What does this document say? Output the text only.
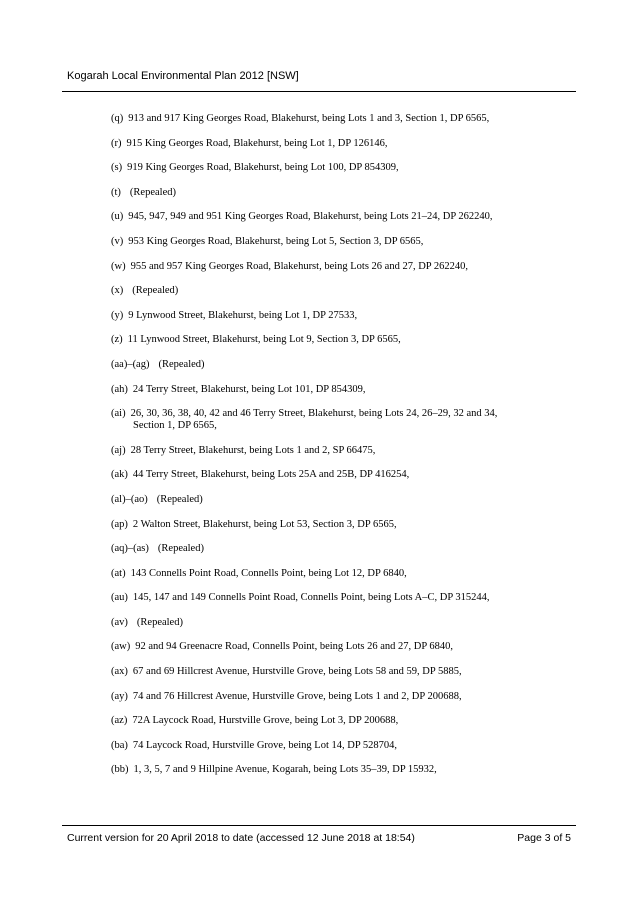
Kogarah Local Environmental Plan 2012 [NSW]
(q) 913 and 917 King Georges Road, Blakehurst, being Lots 1 and 3, Section 1, DP 6565,
(r) 915 King Georges Road, Blakehurst, being Lot 1, DP 126146,
(s) 919 King Georges Road, Blakehurst, being Lot 100, DP 854309,
(t) (Repealed)
(u) 945, 947, 949 and 951 King Georges Road, Blakehurst, being Lots 21–24, DP 262240,
(v) 953 King Georges Road, Blakehurst, being Lot 5, Section 3, DP 6565,
(w) 955 and 957 King Georges Road, Blakehurst, being Lots 26 and 27, DP 262240,
(x) (Repealed)
(y) 9 Lynwood Street, Blakehurst, being Lot 1, DP 27533,
(z) 11 Lynwood Street, Blakehurst, being Lot 9, Section 3, DP 6565,
(aa)–(ag) (Repealed)
(ah) 24 Terry Street, Blakehurst, being Lot 101, DP 854309,
(ai) 26, 30, 36, 38, 40, 42 and 46 Terry Street, Blakehurst, being Lots 24, 26–29, 32 and 34,
Section 1, DP 6565,
(aj) 28 Terry Street, Blakehurst, being Lots 1 and 2, SP 66475,
(ak) 44 Terry Street, Blakehurst, being Lots 25A and 25B, DP 416254,
(al)–(ao) (Repealed)
(ap) 2 Walton Street, Blakehurst, being Lot 53, Section 3, DP 6565,
(aq)–(as) (Repealed)
(at) 143 Connells Point Road, Connells Point, being Lot 12, DP 6840,
(au) 145, 147 and 149 Connells Point Road, Connells Point, being Lots A–C, DP 315244,
(av) (Repealed)
(aw) 92 and 94 Greenacre Road, Connells Point, being Lots 26 and 27, DP 6840,
(ax) 67 and 69 Hillcrest Avenue, Hurstville Grove, being Lots 58 and 59, DP 5885,
(ay) 74 and 76 Hillcrest Avenue, Hurstville Grove, being Lots 1 and 2, DP 200688,
(az) 72A Laycock Road, Hurstville Grove, being Lot 3, DP 200688,
(ba) 74 Laycock Road, Hurstville Grove, being Lot 14, DP 528704,
(bb) 1, 3, 5, 7 and 9 Hillpine Avenue, Kogarah, being Lots 35–39, DP 15932,
Current version for 20 April 2018 to date (accessed 12 June 2018 at 18:54)	Page 3 of 5
